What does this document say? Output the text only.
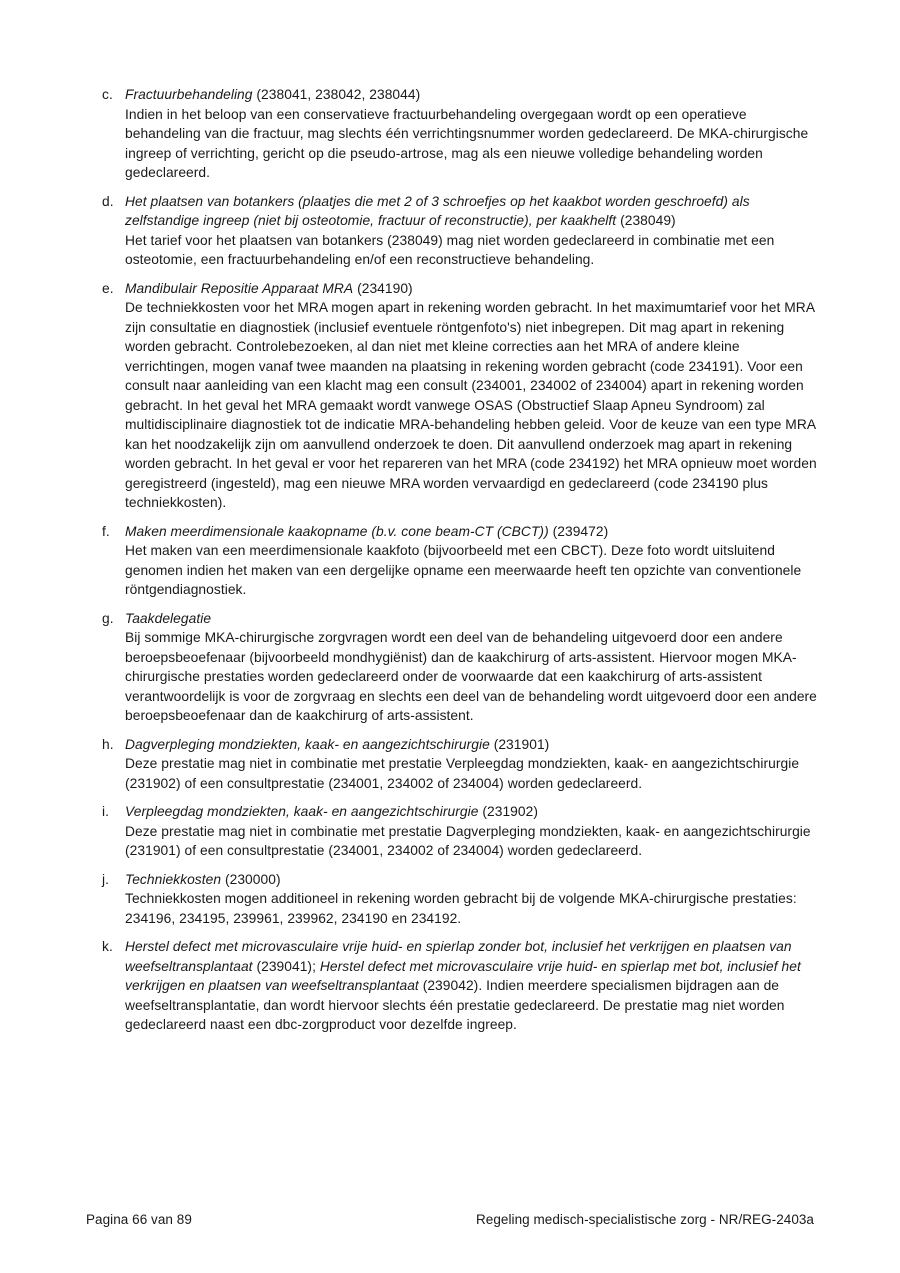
c. Fractuurbehandeling (238041, 238042, 238044)

Indien in het beloop van een conservatieve fractuurbehandeling overgegaan wordt op een operatieve behandeling van die fractuur, mag slechts één verrichtingsnummer worden gedeclareerd. De MKA-chirurgische ingreep of verrichting, gericht op die pseudo-artrose, mag als een nieuwe volledige behandeling worden gedeclareerd.

d. Het plaatsen van botankers (plaatjes die met 2 of 3 schroefjes op het kaakbot worden geschroefd) als zelfstandige ingreep (niet bij osteotomie, fractuur of reconstructie), per kaakhelft (238049)

Het tarief voor het plaatsen van botankers (238049) mag niet worden gedeclareerd in combinatie met een osteotomie, een fractuurbehandeling en/of een reconstructieve behandeling.

e. Mandibulair Repositie Apparaat MRA (234190)

De techniekkosten voor het MRA mogen apart in rekening worden gebracht. In het maximumtarief voor het MRA zijn consultatie en diagnostiek (inclusief eventuele röntgenfoto's) niet inbegrepen. Dit mag apart in rekening worden gebracht. Controlebezoeken, al dan niet met kleine correcties aan het MRA of andere kleine verrichtingen, mogen vanaf twee maanden na plaatsing in rekening worden gebracht (code 234191). Voor een consult naar aanleiding van een klacht mag een consult (234001, 234002 of 234004) apart in rekening worden gebracht. In het geval het MRA gemaakt wordt vanwege OSAS (Obstructief Slaap Apneu Syndroom) zal multidisciplinaire diagnostiek tot de indicatie MRA-behandeling hebben geleid. Voor de keuze van een type MRA kan het noodzakelijk zijn om aanvullend onderzoek te doen. Dit aanvullend onderzoek mag apart in rekening worden gebracht. In het geval er voor het repareren van het MRA (code 234192) het MRA opnieuw moet worden geregistreerd (ingesteld), mag een nieuwe MRA worden vervaardigd en gedeclareerd (code 234190 plus techniekkosten).

f.	Maken meerdimensionale kaakopname (b.v. cone beam-CT (CBCT)) (239472)

Het maken van een meerdimensionale kaakfoto (bijvoorbeeld met een CBCT). Deze foto wordt uitsluitend genomen indien het maken van een dergelijke opname een meerwaarde heeft ten opzichte van conventionele röntgendiagnostiek.

g. Taakdelegatie

Bij sommige MKA-chirurgische zorgvragen wordt een deel van de behandeling uitgevoerd door een andere beroepsbeoefenaar (bijvoorbeeld mondhygiënist) dan de kaakchirurg of arts-assistent. Hiervoor mogen MKA-chirurgische prestaties worden gedeclareerd onder de voorwaarde dat een kaakchirurg of arts-assistent verantwoordelijk is voor de zorgvraag en slechts een deel van de behandeling wordt uitgevoerd door een andere beroepsbeoefenaar dan de kaakchirurg of arts-assistent.

h. Dagverpleging mondziekten, kaak- en aangezichtschirurgie (231901)

Deze prestatie mag niet in combinatie met prestatie Verpleegdag mondziekten, kaak- en aangezichtschirurgie (231902) of een consultprestatie (234001, 234002 of 234004) worden gedeclareerd.

i.	Verpleegdag mondziekten, kaak- en aangezichtschirurgie (231902)

Deze prestatie mag niet in combinatie met prestatie Dagverpleging mondziekten, kaak- en aangezichtschirurgie (231901) of een consultprestatie (234001, 234002 of 234004) worden gedeclareerd.

j.	Techniekkosten (230000)

Techniekkosten mogen additioneel in rekening worden gebracht bij de volgende MKA-chirurgische prestaties: 234196, 234195, 239961, 239962, 234190 en 234192.

k. Herstel defect met microvasculaire vrije huid- en spierlap zonder bot, inclusief het verkrijgen en plaatsen van weefseltransplantaat (239041); Herstel defect met microvasculaire vrije huid- en spierlap met bot, inclusief het verkrijgen en plaatsen van weefseltransplantaat (239042). Indien meerdere specialismen bijdragen aan de weefseltransplantatie, dan wordt hiervoor slechts één prestatie gedeclareerd. De prestatie mag niet worden gedeclareerd naast een dbc-zorgproduct voor dezelfde ingreep.

Pagina 66 van 89	Regeling medisch-specialistische zorg - NR/REG-2403a
